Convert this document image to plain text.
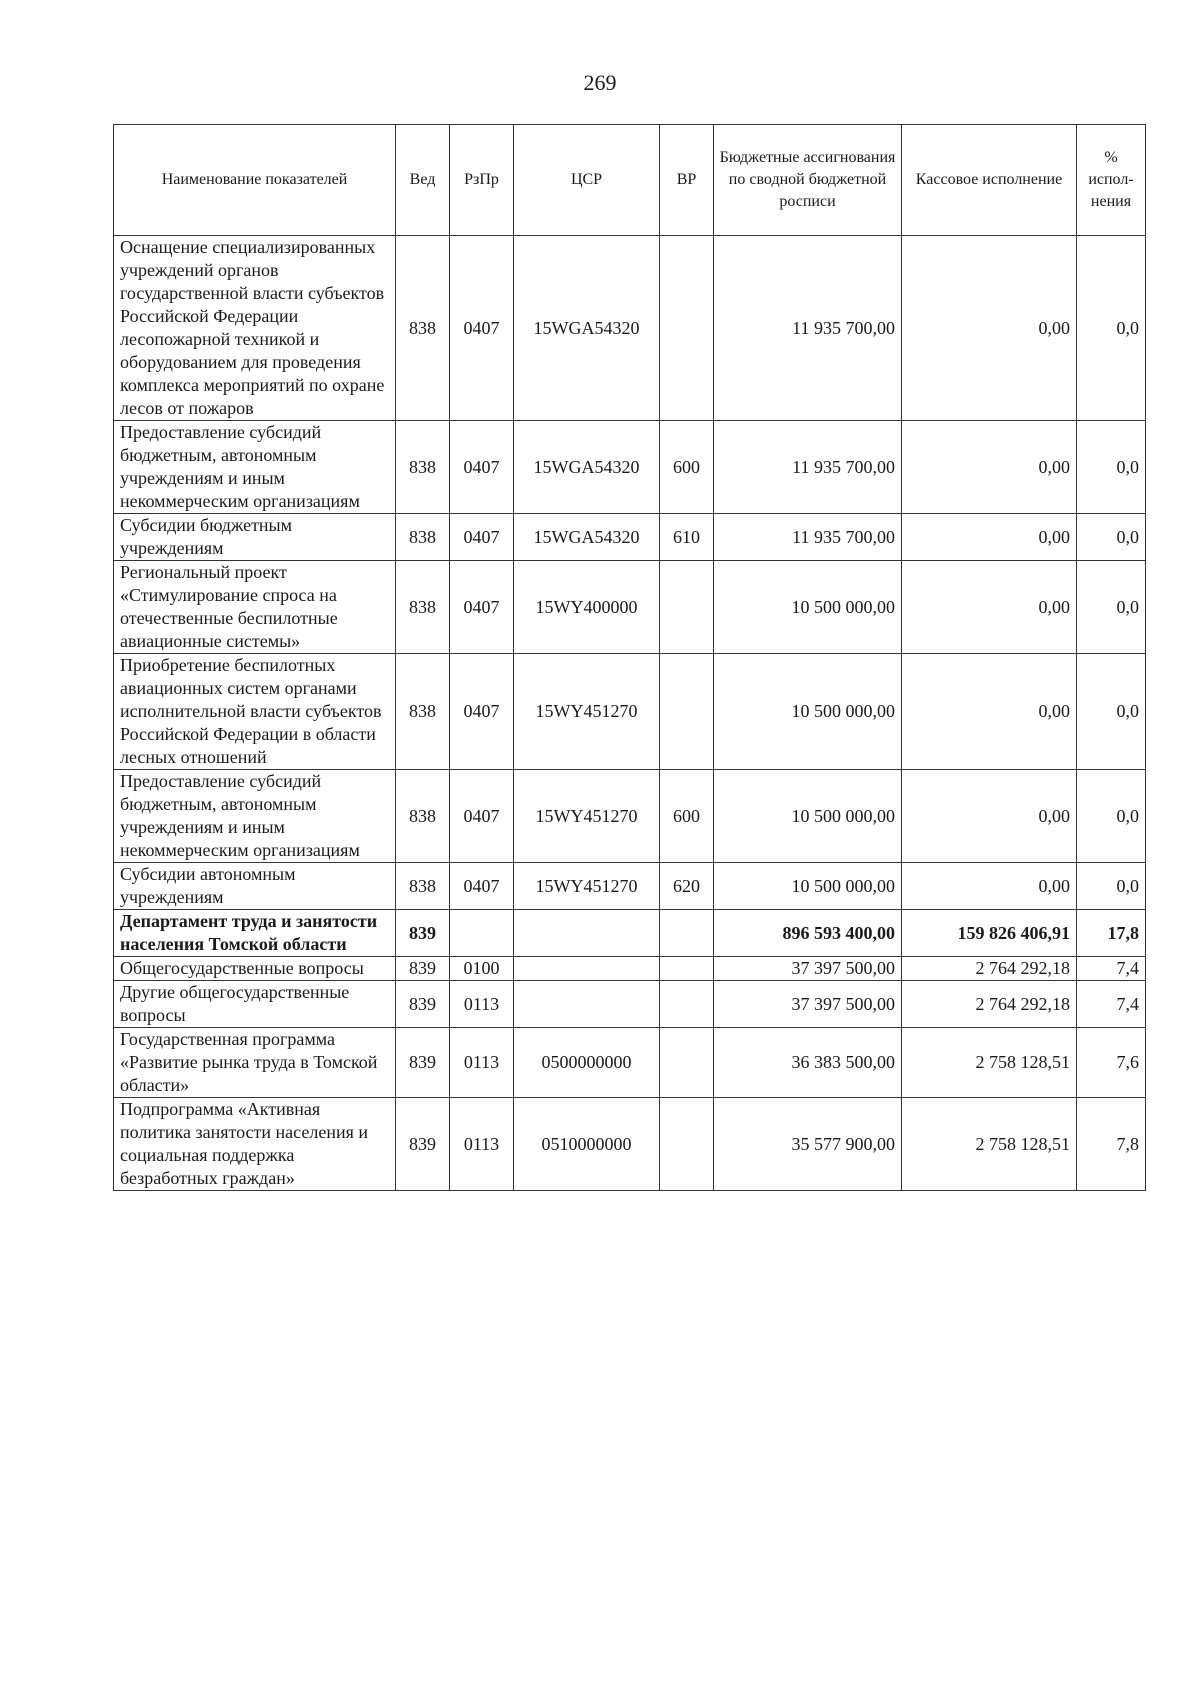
269
Наименование показателей	Вед	РзПр	ЦСР	ВР	Бюджетные ассигнования по сводной бюджетной росписи	Кассовое исполнение	% испол-нения
Оснащение специализированных учреждений органов государственной власти субъектов Российской Федерации лесопожарной техникой и оборудованием для проведения комплекса мероприятий по охране лесов от пожаров	838	0407	15WGA54320		11 935 700,00	0,00	0,0
Предоставление субсидий бюджетным, автономным учреждениям и иным некоммерческим организациям	838	0407	15WGA54320	600	11 935 700,00	0,00	0,0
Субсидии бюджетным учреждениям	838	0407	15WGA54320	610	11 935 700,00	0,00	0,0
Региональный проект «Стимулирование спроса на отечественные беспилотные авиационные системы»	838	0407	15WY400000		10 500 000,00	0,00	0,0
Приобретение беспилотных авиационных систем органами исполнительной власти субъектов Российской Федерации в области лесных отношений	838	0407	15WY451270		10 500 000,00	0,00	0,0
Предоставление субсидий бюджетным, автономным учреждениям и иным некоммерческим организациям	838	0407	15WY451270	600	10 500 000,00	0,00	0,0
Субсидии автономным учреждениям	838	0407	15WY451270	620	10 500 000,00	0,00	0,0
Департамент труда и занятости населения Томской области	839				896 593 400,00	159 826 406,91	17,8
Общегосударственные вопросы	839	0100			37 397 500,00	2 764 292,18	7,4
Другие общегосударственные вопросы	839	0113			37 397 500,00	2 764 292,18	7,4
Государственная программа «Развитие рынка труда в Томской области»	839	0113	0500000000		36 383 500,00	2 758 128,51	7,6
Подпрограмма «Активная политика занятости населения и социальная поддержка безработных граждан»	839	0113	0510000000		35 577 900,00	2 758 128,51	7,8
